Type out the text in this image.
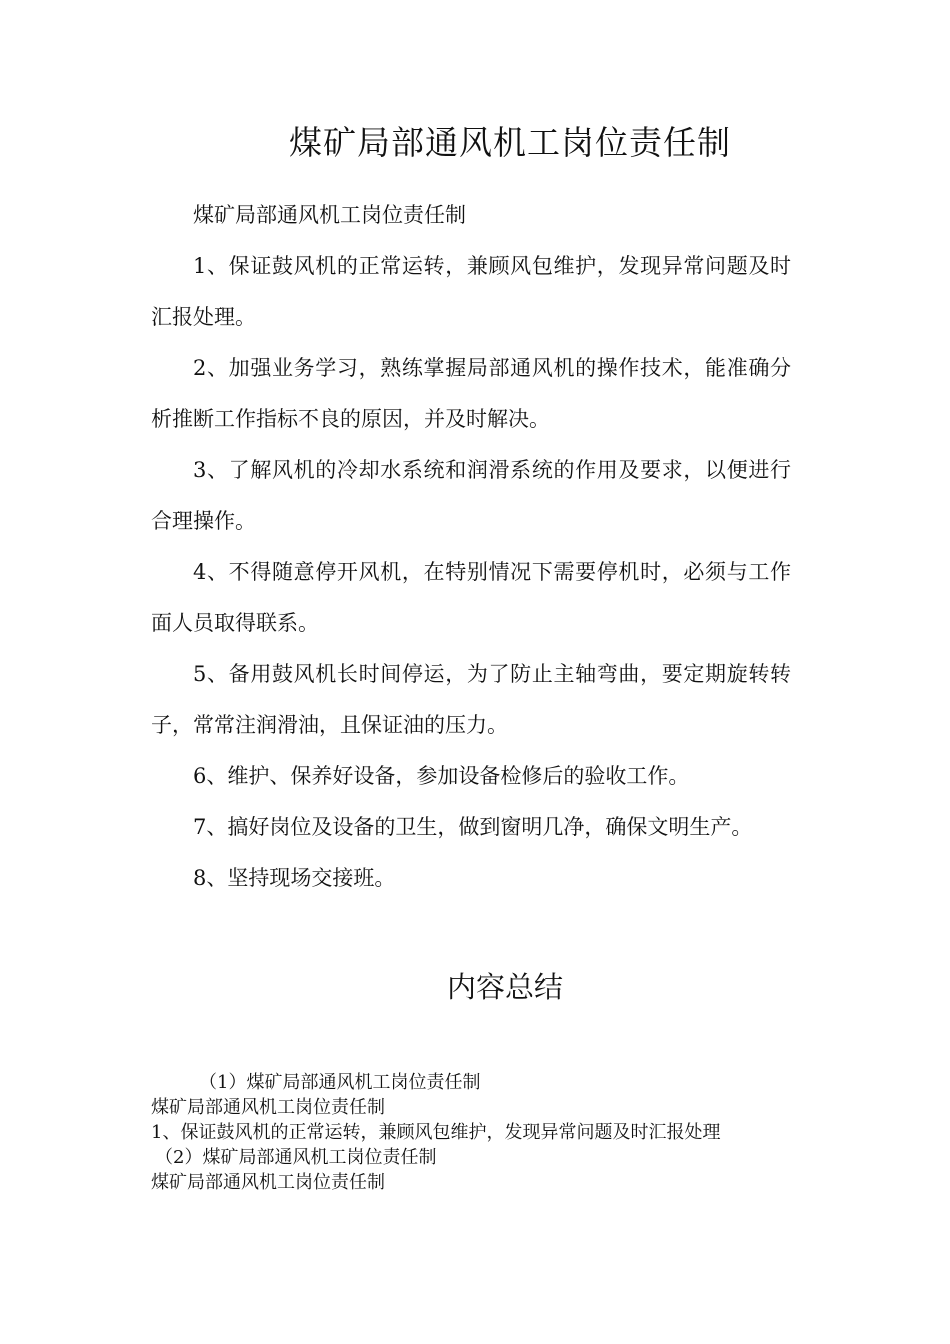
煤矿局部通风机工岗位责任制

煤矿局部通风机工岗位责任制

1、保证鼓风机的正常运转，兼顾风包维护，发现异常问题及时汇报处理。

2、加强业务学习，熟练掌握局部通风机的操作技术，能准确分析推断工作指标不良的原因，并及时解决。

3、了解风机的冷却水系统和润滑系统的作用及要求，以便进行合理操作。

4、不得随意停开风机，在特别情况下需要停机时，必须与工作面人员取得联系。

5、备用鼓风机长时间停运，为了防止主轴弯曲，要定期旋转转子，常常注润滑油，且保证油的压力。

6、维护、保养好设备，参加设备检修后的验收工作。

7、搞好岗位及设备的卫生，做到窗明几净，确保文明生产。

8、坚持现场交接班。

内容总结

（1）煤矿局部通风机工岗位责任制

煤矿局部通风机工岗位责任制

1、保证鼓风机的正常运转，兼顾风包维护，发现异常问题及时汇报处理

（2）煤矿局部通风机工岗位责任制

煤矿局部通风机工岗位责任制
